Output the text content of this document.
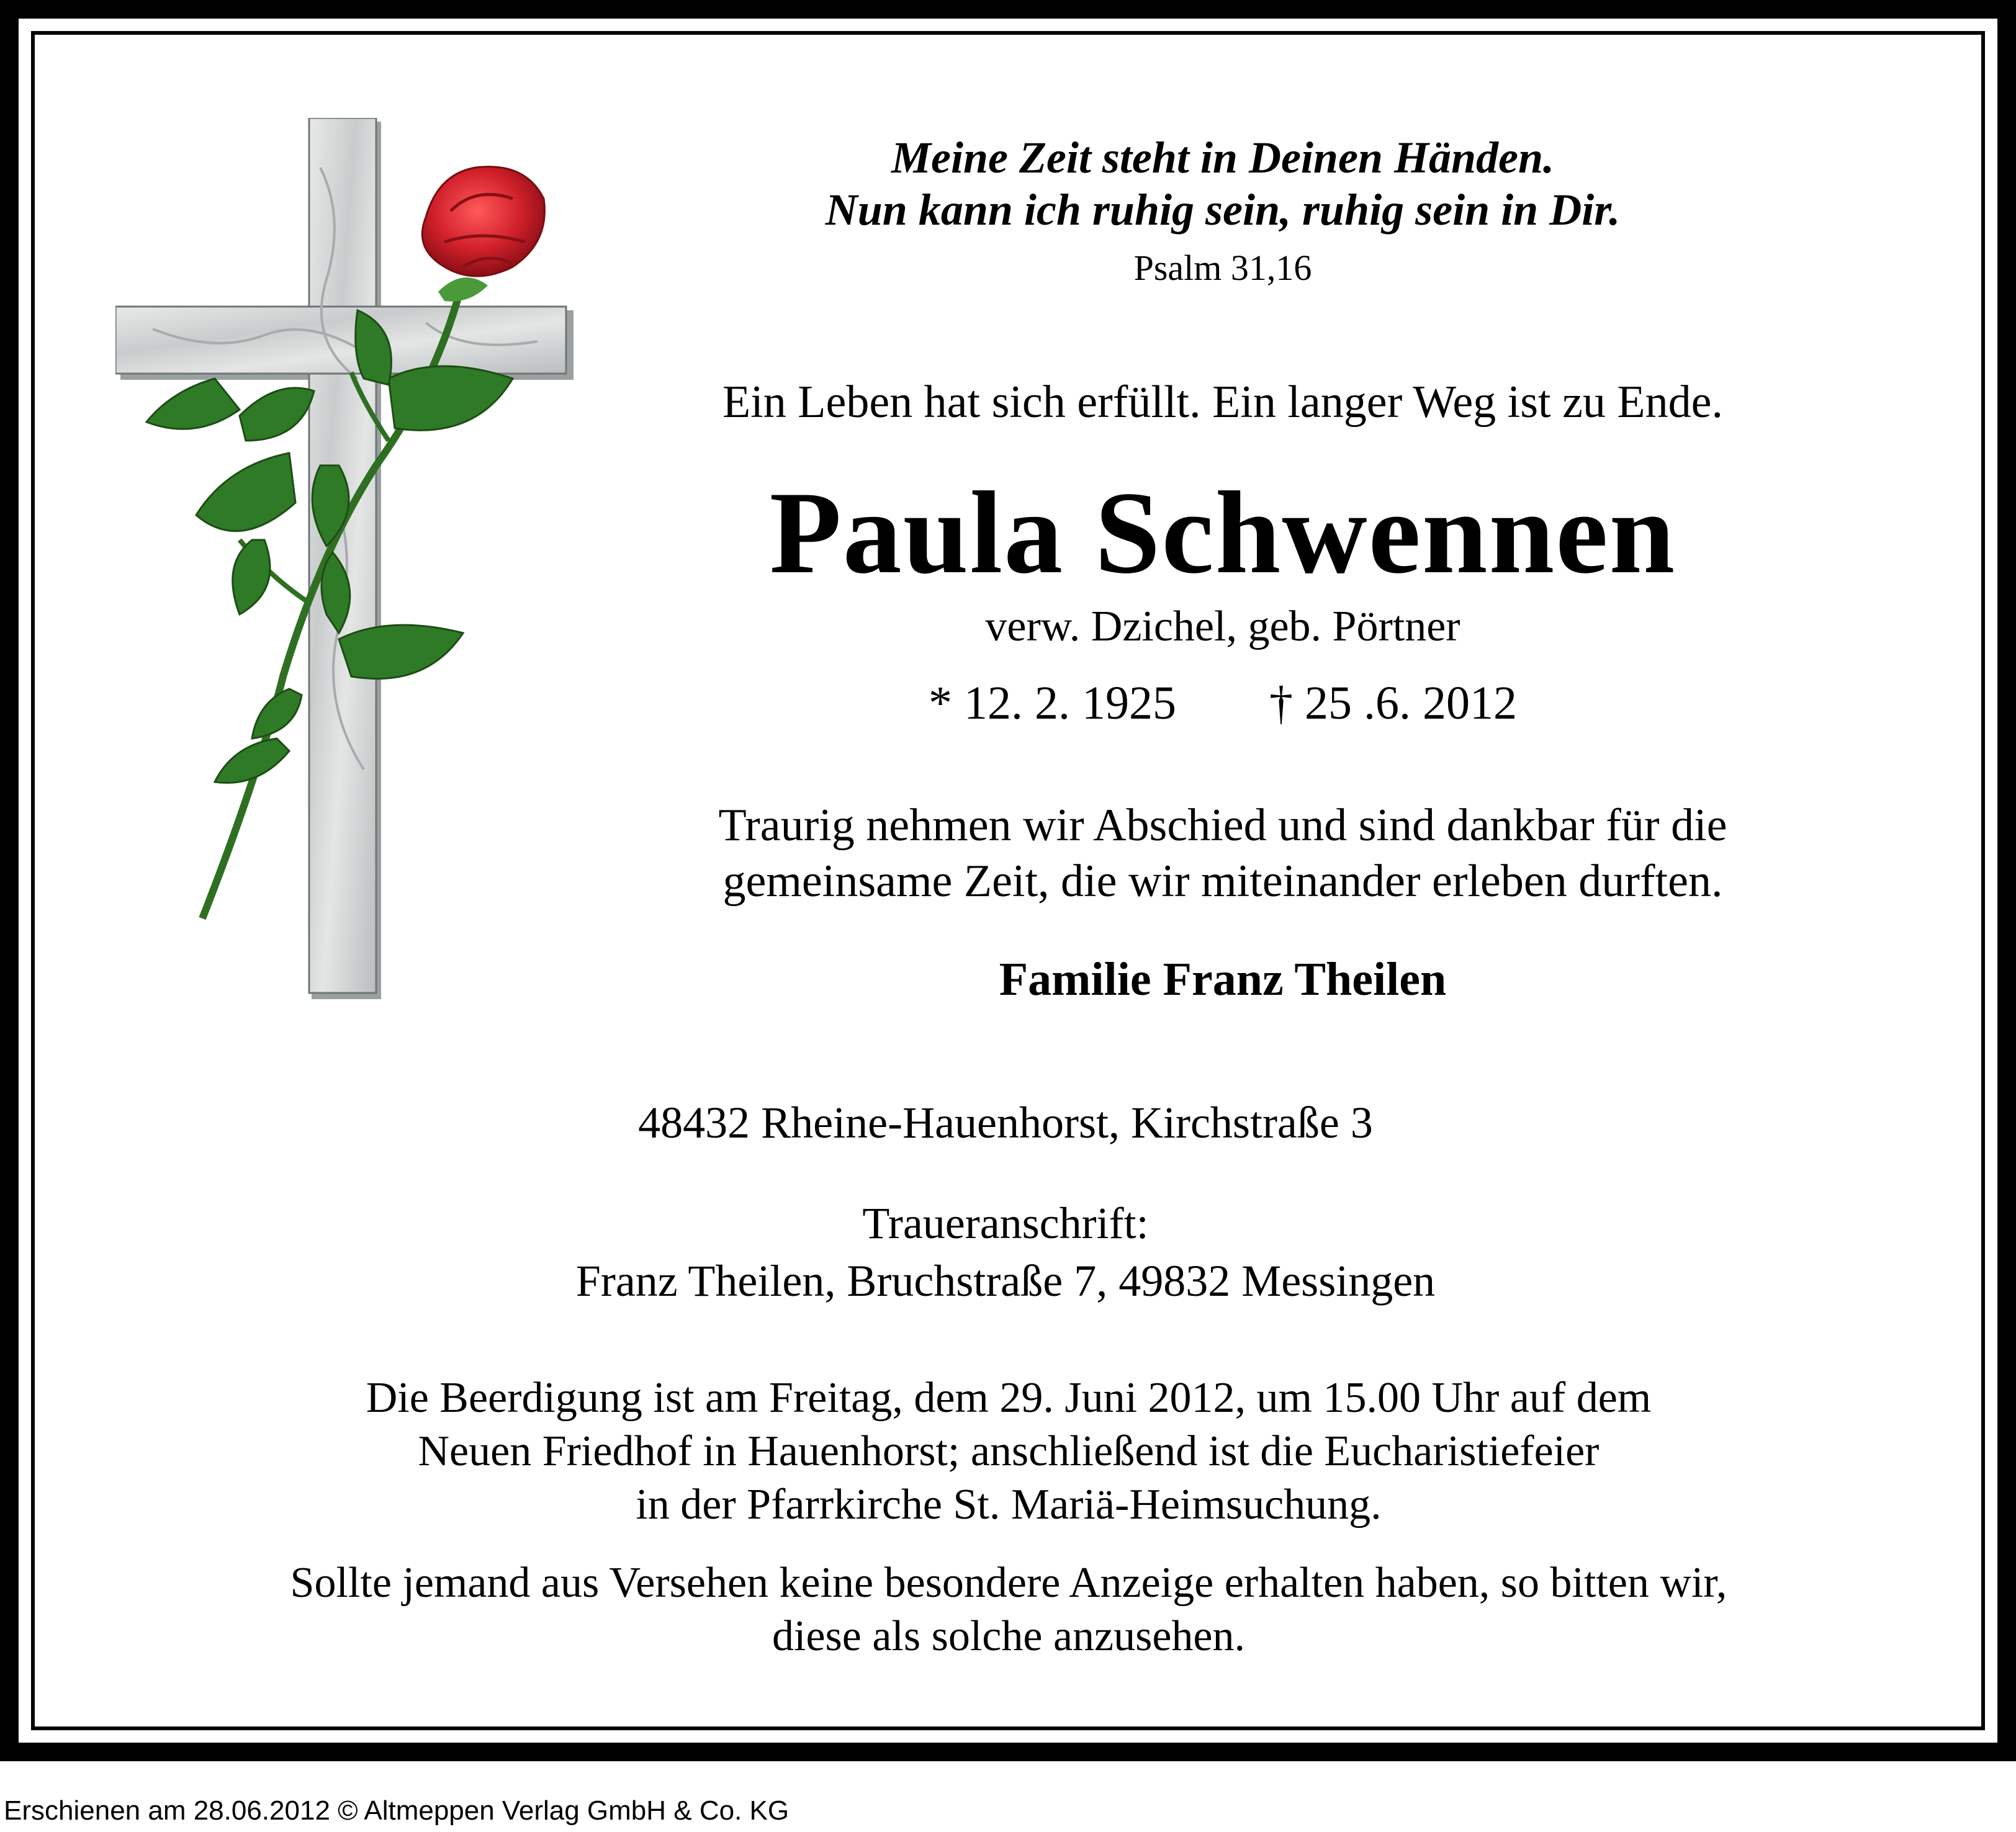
Meine Zeit steht in Deinen Händen.
Nun kann ich ruhig sein, ruhig sein in Dir.
Psalm 31,16
Ein Leben hat sich erfüllt. Ein langer Weg ist zu Ende.
Paula Schwennen
verw. Dzichel, geb. Pörtner
* 12. 2. 1925 † 25 .6. 2012
Traurig nehmen wir Abschied und sind dankbar für die
gemeinsame Zeit, die wir miteinander erleben durften.
Familie Franz Theilen
48432 Rheine-Hauenhorst, Kirchstraße 3
Traueranschrift:
Franz Theilen, Bruchstraße 7, 49832 Messingen
Die Beerdigung ist am Freitag, dem 29. Juni 2012, um 15.00 Uhr auf dem
Neuen Friedhof in Hauenhorst; anschließend ist die Eucharistiefeier
in der Pfarrkirche St. Mariä-Heimsuchung.
Sollte jemand aus Versehen keine besondere Anzeige erhalten haben, so bitten wir,
diese als solche anzusehen.
Erschienen am 28.06.2012 © Altmeppen Verlag GmbH & Co. KG
